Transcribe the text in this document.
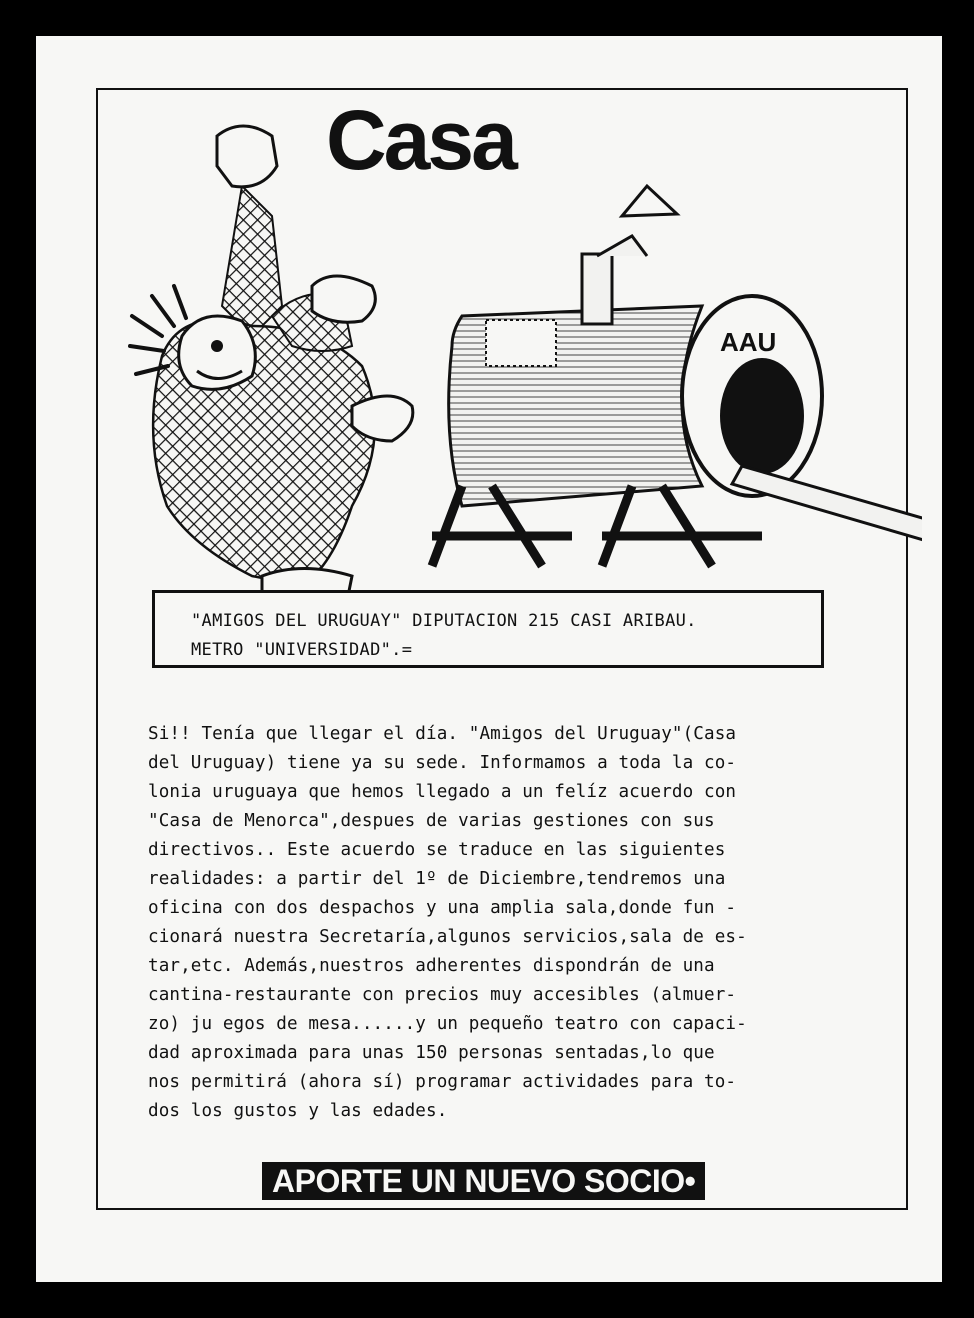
AAU
Casa

"AMIGOS DEL URUGUAY" DIPUTACION 215 CASI ARIBAU.

METRO "UNIVERSIDAD".=

Si!! Tenía que llegar el día. "Amigos del Uruguay"(Casa

del Uruguay) tiene ya su sede. Informamos a toda la co-

lonia uruguaya que hemos llegado a un felíz acuerdo con

"Casa de Menorca",despues de varias gestiones con sus

directivos.. Este acuerdo se traduce en las siguientes

realidades: a partir del 1º de Diciembre,tendremos una

oficina con dos despachos y una amplia sala,donde fun -

cionará nuestra Secretaría,algunos servicios,sala de es-

tar,etc. Además,nuestros adherentes dispondrán de una

cantina-restaurante con precios muy accesibles (almuer-

zo) ju egos de mesa......y un pequeño teatro con capaci-

dad aproximada para unas 150 personas sentadas,lo que

nos permitirá (ahora sí) programar actividades para to-

dos los gustos y las edades.

APORTE UN NUEVO SOCIO•
